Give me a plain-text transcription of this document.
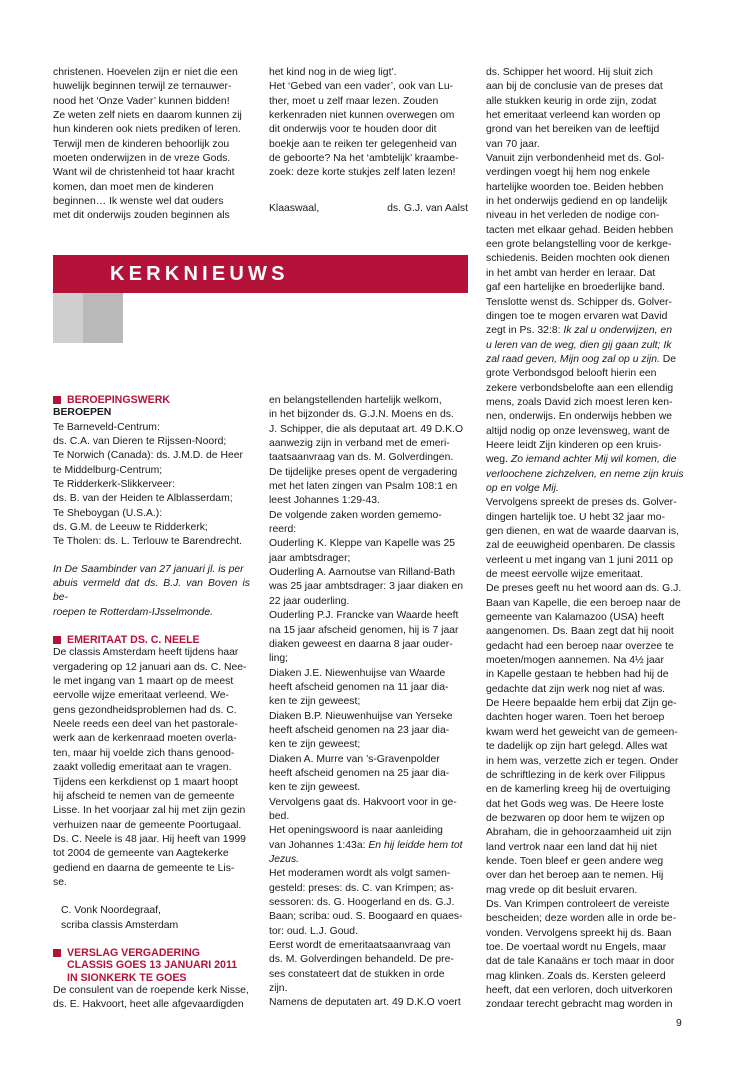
christenen. Hoevelen zijn er niet die een

huwelijk beginnen terwijl ze ternauwer-

nood het ‘Onze Vader’ kunnen bidden!

Ze weten zelf niets en daarom kunnen zij

hun kinderen ook niets prediken of leren.

Terwijl men de kinderen behoorlijk zou

moeten onderwijzen in de vreze Gods.

Want wil de christenheid tot haar kracht

komen, dan moet men de kinderen

beginnen… Ik wenste wel dat ouders

met dit onderwijs zouden beginnen als

het kind nog in de wieg ligt’.

Het ‘Gebed van een vader’, ook van Lu-

ther, moet u zelf maar lezen. Zouden

kerkenraden niet kunnen overwegen om

dit onderwijs voor te houden door dit

boekje aan te reiken ter gelegenheid van

de geboorte? Na het ‘ambtelijk’ kraambe-

zoek: deze korte stukjes zelf laten lezen!

Klaaswaal,	ds. G.J. van Aalst
KERKNIEUWS
BEROEPINGSWERK

BEROEPEN

Te Barneveld-Centrum:

ds. C.A. van Dieren te Rijssen-Noord;

Te Norwich (Canada): ds. J.M.D. de Heer

te Middelburg-Centrum;

Te Ridderkerk-Slikkerveer:

ds. B. van der Heiden te Alblasserdam;

Te Sheboygan (U.S.A.):

ds. G.M. de Leeuw te Ridderkerk;

Te Tholen: ds. L. Terlouw te Barendrecht.

In De Saambinder van 27 januari jl. is per

abuis vermeld dat ds. B.J. van Boven is be-

roepen te Rotterdam-IJsselmonde.

EMERITAAT DS. C. NEELE

De classis Amsterdam heeft tijdens haar

vergadering op 12 januari aan ds. C. Nee-

le met ingang van 1 maart op de meest

eervolle wijze emeritaat verleend. We-

gens gezondheidsproblemen had ds. C.

Neele reeds een deel van het pastorale-

werk aan de kerkenraad moeten overla-

ten, maar hij voelde zich thans genood-

zaakt volledig emeritaat aan te vragen.

Tijdens een kerkdienst op 1 maart hoopt

hij afscheid te nemen van de gemeente

Lisse. In het voorjaar zal hij met zijn gezin

verhuizen naar de gemeente Poortugaal.

Ds. C. Neele is 48 jaar. Hij heeft van 1999

tot 2004 de gemeente van Aagtekerke

gediend en daarna de gemeente te Lis-

se.

C. Vonk Noordegraaf,

scriba classis Amsterdam

VERSLAG VERGADERING
CLASSIS GOES 13 JANUARI 2011
IN SIONKERK TE GOES

De consulent van de roepende kerk Nisse,

ds. E. Hakvoort, heet alle afgevaardigden

en belangstellenden hartelijk welkom,

in het bijzonder ds. G.J.N. Moens en ds.

J. Schipper, die als deputaat art. 49 D.K.O

aanwezig zijn in verband met de emeri-

taatsaanvraag van ds. M. Golverdingen.

De tijdelijke preses opent de vergadering

met het laten zingen van Psalm 108:1 en

leest Johannes 1:29-43.

De volgende zaken worden gememo-

reerd:

Ouderling K. Kleppe van Kapelle was 25

jaar ambtsdrager;

Ouderling A. Aarnoutse van Rilland-Bath

was 25 jaar ambtsdrager: 3 jaar diaken en

22 jaar ouderling.

Ouderling P.J. Francke van Waarde heeft

na 15 jaar afscheid genomen, hij is 7 jaar

diaken geweest en daarna 8 jaar ouder-

ling;

Diaken J.E. Niewenhuijse van Waarde

heeft afscheid genomen na 11 jaar dia-

ken te zijn geweest;

Diaken B.P. Nieuwenhuijse van Yerseke

heeft afscheid genomen na 23 jaar dia-

ken te zijn geweest;

Diaken A. Murre van ’s-Gravenpolder

heeft afscheid genomen na 25 jaar dia-

ken te zijn geweest.

Vervolgens gaat ds. Hakvoort voor in ge-

bed.

Het openingswoord is naar aanleiding

van Johannes 1:43a: En hij leidde hem tot

Jezus.

Het moderamen wordt als volgt samen-

gesteld: preses: ds. C. van Krimpen; as-

sessoren: ds. G. Hoogerland en ds. G.J.

Baan; scriba: oud. S. Boogaard en quaes-

tor: oud. L.J. Goud.

Eerst wordt de emeritaatsaanvraag van

ds. M. Golverdingen behandeld. De pre-

ses constateert dat de stukken in orde

zijn.

Namens de deputaten art. 49 D.K.O voert

ds. Schipper het woord. Hij sluit zich

aan bij de conclusie van de preses dat

alle stukken keurig in orde zijn, zodat

het emeritaat verleend kan worden op

grond van het bereiken van de leeftijd

van 70 jaar.

Vanuit zijn verbondenheid met ds. Gol-

verdingen voegt hij hem nog enkele

hartelijke woorden toe. Beiden hebben

in het onderwijs gediend en op landelijk

niveau in het verleden de nodige con-

tacten met elkaar gehad. Beiden hebben

een grote belangstelling voor de kerkge-

schiedenis. Beiden mochten ook dienen

in het ambt van herder en leraar. Dat

gaf een hartelijke en broederlijke band.

Tenslotte wenst ds. Schipper ds. Golver-

dingen toe te mogen ervaren wat David

zegt in Ps. 32:8: Ik zal u onderwijzen, en

u leren van de weg, dien gij gaan zult; Ik

zal raad geven, Mijn oog zal op u zijn. De

grote Verbondsgod belooft hierin een

zekere verbondsbelofte aan een ellendig

mens, zoals David zich moest leren ken-

nen, onderwijs. En onderwijs hebben we

altijd nodig op onze levensweg, want de

Heere leidt Zijn kinderen op een kruis-

weg. Zo iemand achter Mij wil komen, die

verloochene zichzelven, en neme zijn kruis

op en volge Mij.

Vervolgens spreekt de preses ds. Golver-

dingen hartelijk toe. U hebt 32 jaar mo-

gen dienen, en wat de waarde daarvan is,

zal de eeuwigheid openbaren. De classis

verleent u met ingang van 1 juni 2011 op

de meest eervolle wijze emeritaat.

De preses geeft nu het woord aan ds. G.J.

Baan van Kapelle, die een beroep naar de

gemeente van Kalamazoo (USA) heeft

aangenomen. Ds. Baan zegt dat hij nooit

gedacht had een beroep naar overzee te

moeten/mogen aannemen. Na 4½ jaar

in Kapelle gestaan te hebben had hij de

gedachte dat zijn werk nog niet af was.

De Heere bepaalde hem erbij dat Zijn ge-

dachten hoger waren. Toen het beroep

kwam werd het geweicht van de gemeen-

te dadelijk op zijn hart gelegd. Alles wat

in hem was, verzette zich er tegen. Onder

de schriftlezing in de kerk over Filippus

en de kamerling kreeg hij de overtuiging

dat het Gods weg was. De Heere loste

de bezwaren op door hem te wijzen op

Abraham, die in gehoorzaamheid uit zijn

land vertrok naar een land dat hij niet

kende. Toen bleef er geen andere weg

over dan het beroep aan te nemen. Hij

mag vrede op dit besluit ervaren.

Ds. Van Krimpen controleert de vereiste

bescheiden; deze worden alle in orde be-

vonden. Vervolgens spreekt hij ds. Baan

toe. De voertaal wordt nu Engels, maar

dat de tale Kanaäns er toch maar in door

mag klinken. Zoals ds. Kersten geleerd

heeft, dat een verloren, doch uitverkoren

zondaar terecht gebracht mag worden in

9
